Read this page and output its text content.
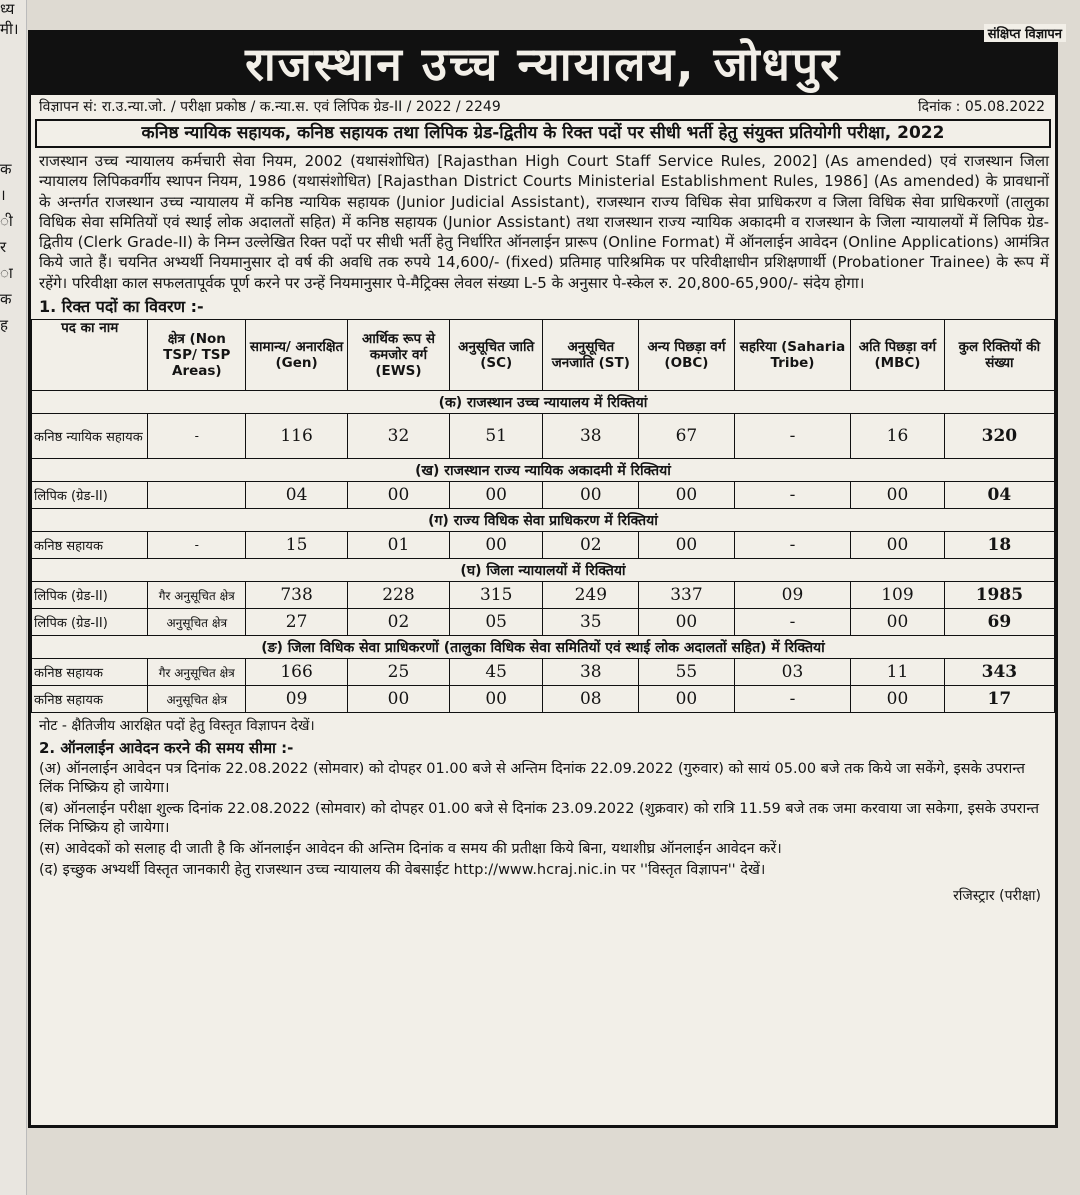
ध्य
मी।
क
।
ी
र
ा
क
ह
राजस्थान उच्च न्यायालय, जोधपुर
विज्ञापन सं: रा.उ.न्या.जो. / परीक्षा प्रकोष्ठ / क.न्या.स. एवं लिपिक ग्रेड-II / 2022 / 2249	दिनांक : 05.08.2022
कनिष्ठ न्यायिक सहायक, कनिष्ठ सहायक तथा लिपिक ग्रेड-द्वितीय के रिक्त पदों पर सीधी भर्ती हेतु संयुक्त प्रतियोगी परीक्षा, 2022

राजस्थान उच्च न्यायालय कर्मचारी सेवा नियम, 2002 (यथासंशोधित) [Rajasthan High Court Staff Service Rules, 2002] (As amended) एवं राजस्थान जिला न्यायालय लिपिकवर्गीय स्थापन नियम, 1986 (यथासंशोधित) [Rajasthan District Courts Ministerial Establishment Rules, 1986] (As amended) के प्रावधानों के अन्तर्गत राजस्थान उच्च न्यायालय में कनिष्ठ न्यायिक सहायक (Junior Judicial Assistant), राजस्थान राज्य विधिक सेवा प्राधिकरण व जिला विधिक सेवा प्राधिकरणों (तालुका विधिक सेवा समितियों एवं स्थाई लोक अदालतों सहित) में कनिष्ठ सहायक (Junior Assistant) तथा राजस्थान राज्य न्यायिक अकादमी व राजस्थान के जिला न्यायालयों में लिपिक ग्रेड-द्वितीय (Clerk Grade-II) के निम्न उल्लेखित रिक्त पदों पर सीधी भर्ती हेतु निर्धारित ऑनलाईन प्रारूप (Online Format) में ऑनलाईन आवेदन (Online Applications) आमंत्रित किये जाते हैं। चयनित अभ्यर्थी नियमानुसार दो वर्ष की अवधि तक रुपये 14,600/- (fixed) प्रतिमाह पारिश्रमिक पर परिवीक्षाधीन प्रशिक्षणार्थी (Probationer Trainee) के रूप में रहेंगे। परिवीक्षा काल सफलतापूर्वक पूर्ण करने पर उन्हें नियमानुसार पे-मैट्रिक्स लेवल संख्या L-5 के अनुसार पे-स्केल रु. 20,800-65,900/- संदेय होगा।

1. रिक्त पदों का विवरण :-
पद का नाम	क्षेत्र (Non TSP/ TSP Areas)	सामान्य/ अनारक्षित (Gen)	आर्थिक रूप से कमजोर वर्ग (EWS)	अनुसूचित जाति (SC)	अनुसूचित जनजाति (ST)	अन्य पिछड़ा वर्ग (OBC)	सहरिया (Saharia Tribe)	अति पिछड़ा वर्ग (MBC)	कुल रिक्तियों की संख्या
(क) राजस्थान उच्च न्यायालय में रिक्तियां									
कनिष्ठ न्यायिक सहायक	-	116	32	51	38	67	-	16	320
(ख) राजस्थान राज्य न्यायिक अकादमी में रिक्तियां									
लिपिक (ग्रेड-II)		04	00	00	00	00	-	00	04
(ग) राज्य विधिक सेवा प्राधिकरण में रिक्तियां									
कनिष्ठ सहायक	-	15	01	00	02	00	-	00	18
(घ) जिला न्यायालयों में रिक्तियां									
लिपिक (ग्रेड-II)	गैर अनुसूचित क्षेत्र	738	228	315	249	337	09	109	1985
लिपिक (ग्रेड-II)	अनुसूचित क्षेत्र	27	02	05	35	00	-	00	69
(ङ) जिला विधिक सेवा प्राधिकरणों (तालुका विधिक सेवा समितियों एवं स्थाई लोक अदालतों सहित) में रिक्तियां									
कनिष्ठ सहायक	गैर अनुसूचित क्षेत्र	166	25	45	38	55	03	11	343
कनिष्ठ सहायक	अनुसूचित क्षेत्र	09	00	00	08	00	-	00	17
नोट - क्षैतिजीय आरक्षित पदों हेतु विस्तृत विज्ञापन देखें।
2. ऑनलाईन आवेदन करने की समय सीमा :-
(अ) ऑनलाईन आवेदन पत्र दिनांक 22.08.2022 (सोमवार) को दोपहर 01.00 बजे से अन्तिम दिनांक 22.09.2022 (गुरुवार) को सायं 05.00 बजे तक किये जा सकेंगे, इसके उपरान्त लिंक निष्क्रिय हो जायेगा।
(ब) ऑनलाईन परीक्षा शुल्क दिनांक 22.08.2022 (सोमवार) को दोपहर 01.00 बजे से दिनांक 23.09.2022 (शुक्रवार) को रात्रि 11.59 बजे तक जमा करवाया जा सकेगा, इसके उपरान्त लिंक निष्क्रिय हो जायेगा।
(स) आवेदकों को सलाह दी जाती है कि ऑनलाईन आवेदन की अन्तिम दिनांक व समय की प्रतीक्षा किये बिना, यथाशीघ्र ऑनलाईन आवेदन करें।
(द) इच्छुक अभ्यर्थी विस्तृत जानकारी हेतु राजस्थान उच्च न्यायालय की वेबसाईट http://www.hcraj.nic.in पर ''विस्तृत विज्ञापन'' देखें।
रजिस्ट्रार (परीक्षा)
संक्षिप्त विज्ञापन
